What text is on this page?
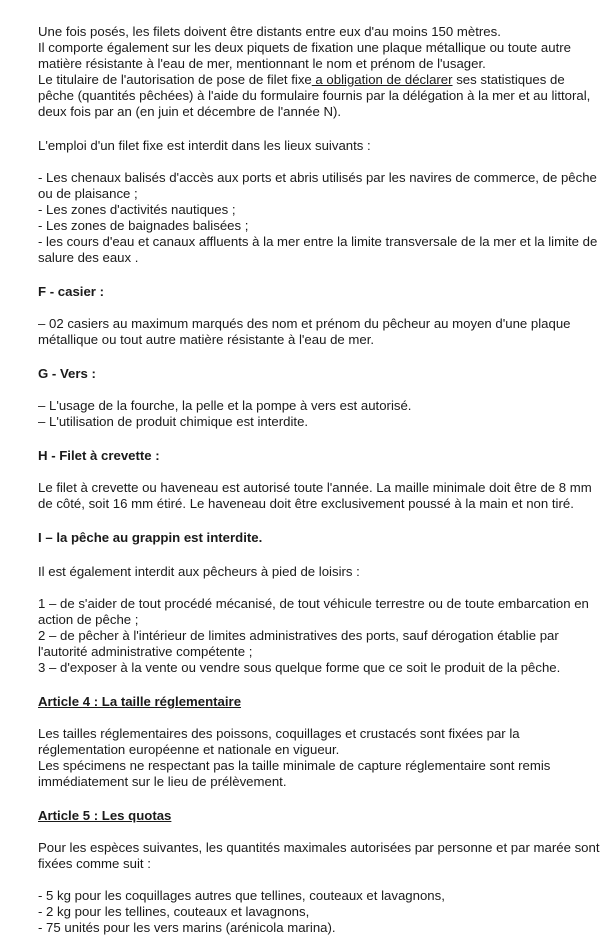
Une fois posés, les filets doivent être distants entre eux d'au moins 150 mètres.
Il comporte également sur les deux piquets de fixation une plaque métallique ou toute autre
matière résistante à l'eau de mer, mentionnant le nom et prénom de l'usager.
Le titulaire de l'autorisation de pose de filet fixe a obligation de déclarer ses statistiques de
pêche (quantités pêchées) à l'aide du formulaire fournis par la délégation à la mer et au littoral,
deux fois par an (en juin et décembre de l'année N).
L'emploi d'un filet fixe est interdit dans les lieux suivants :
- Les chenaux balisés d'accès aux ports et abris utilisés par les navires de commerce, de pêche
ou de plaisance ;
- Les zones d'activités nautiques ;
- Les zones de baignades balisées ;
- les cours d'eau et canaux affluents à la mer entre la limite transversale de la mer et la limite de
salure des eaux .
F - casier :
– 02 casiers au maximum marqués des nom et prénom du pêcheur au moyen d'une plaque
métallique ou tout autre matière résistante à l'eau de mer.
G - Vers :
– L'usage de la fourche, la pelle et la pompe à vers est autorisé.
– L'utilisation de produit chimique est interdite.
H - Filet à crevette :
Le filet à crevette ou haveneau est autorisé toute l'année. La maille minimale doit être de 8 mm
de côté, soit 16 mm étiré. Le haveneau doit être exclusivement poussé à la main et non tiré.
I – la pêche au grappin est interdite.
Il est également interdit aux pêcheurs à pied de loisirs :
1 – de s'aider de tout procédé mécanisé, de tout véhicule terrestre ou de toute embarcation en
action de pêche ;
2 – de pêcher à l'intérieur de limites administratives des ports, sauf dérogation établie par
l'autorité administrative compétente ;
3 – d'exposer à la vente ou vendre sous quelque forme que ce soit le produit de la pêche.
Article 4 : La taille réglementaire
Les tailles réglementaires des poissons, coquillages et crustacés sont fixées par la
réglementation européenne et nationale en vigueur.
Les spécimens ne respectant pas la taille minimale de capture réglementaire sont remis
immédiatement sur le lieu de prélèvement.
Article 5 : Les quotas
Pour les espèces suivantes, les quantités maximales autorisées par personne et par marée sont
fixées comme suit :
- 5 kg pour les coquillages autres que tellines, couteaux et lavagnons,
- 2 kg pour les tellines, couteaux et lavagnons,
- 75 unités pour les vers marins (arénicola marina).
